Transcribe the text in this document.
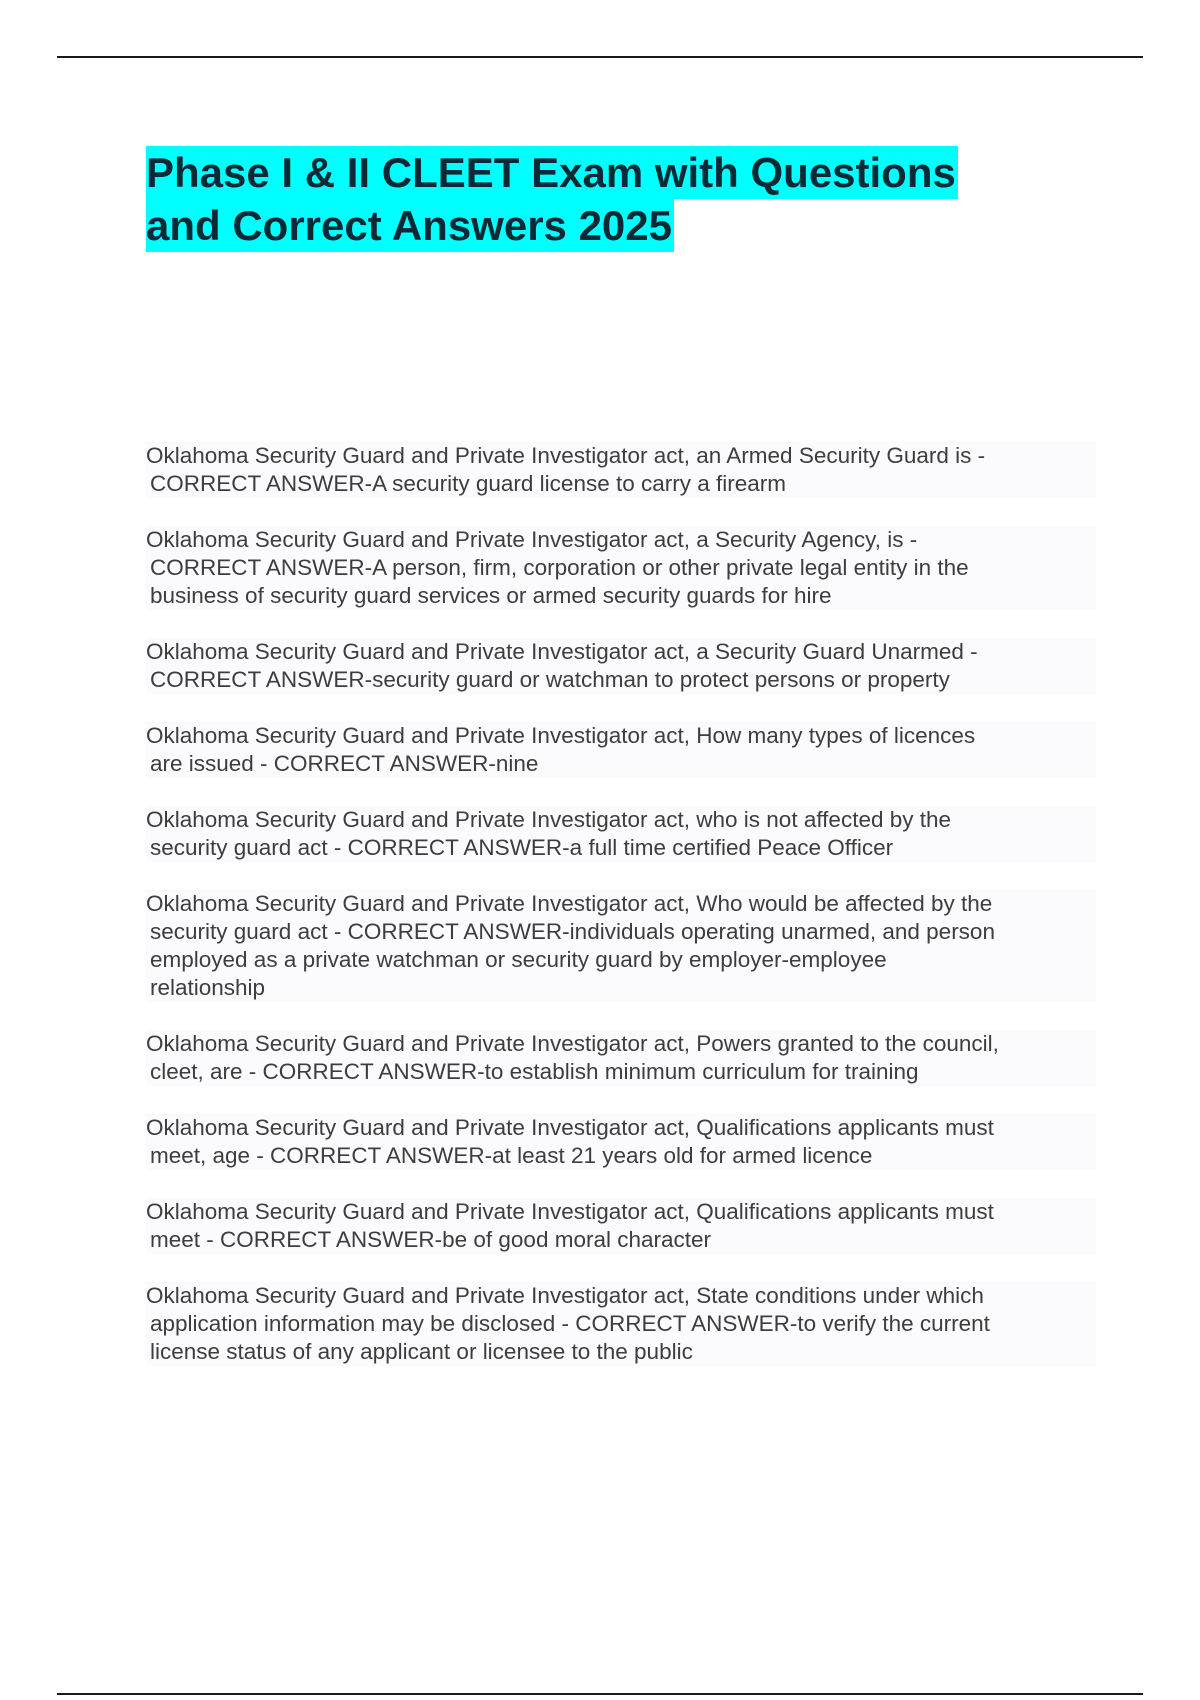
Phase I & II CLEET Exam with Questions
and Correct Answers 2025
Oklahoma Security Guard and Private Investigator act, an Armed Security Guard is -
CORRECT ANSWER-A security guard license to carry a firearm
Oklahoma Security Guard and Private Investigator act, a Security Agency, is -
CORRECT ANSWER-A person, firm, corporation or other private legal entity in the
business of security guard services or armed security guards for hire
Oklahoma Security Guard and Private Investigator act, a Security Guard Unarmed -
CORRECT ANSWER-security guard or watchman to protect persons or property
Oklahoma Security Guard and Private Investigator act, How many types of licences
are issued - CORRECT ANSWER-nine
Oklahoma Security Guard and Private Investigator act, who is not affected by the
security guard act - CORRECT ANSWER-a full time certified Peace Officer
Oklahoma Security Guard and Private Investigator act, Who would be affected by the
security guard act - CORRECT ANSWER-individuals operating unarmed, and person
employed as a private watchman or security guard by employer-employee
relationship
Oklahoma Security Guard and Private Investigator act, Powers granted to the council,
cleet, are - CORRECT ANSWER-to establish minimum curriculum for training
Oklahoma Security Guard and Private Investigator act, Qualifications applicants must
meet, age - CORRECT ANSWER-at least 21 years old for armed licence
Oklahoma Security Guard and Private Investigator act, Qualifications applicants must
meet - CORRECT ANSWER-be of good moral character
Oklahoma Security Guard and Private Investigator act, State conditions under which
application information may be disclosed - CORRECT ANSWER-to verify the current
license status of any applicant or licensee to the public
